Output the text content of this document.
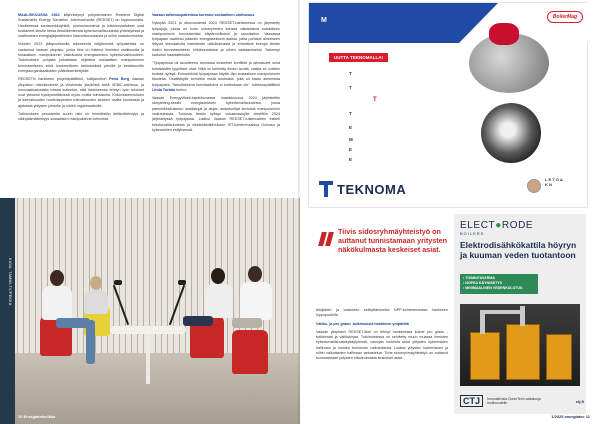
MAALISKUUSSA 2022 käynnistynyt pohjoismainen Resilient Digital Sustainable Energy Transition -tutkimushanke (REDSET) on loppusuoralla. Hankkeessa kantaverkkoyhtiöt, puolustusvoimat ja tutkimuslaitokset ovat tuottaneet sinulle tietoa tietoliikenteestä kyberturvallisuudesta yhteistyössä ja vaatimusten energiajärjestelmien haavoittuvuuksista ja niihin varautumisesta.
Vuoden 2023 jälkipuoliskolla alkaneesta neljännestä työpaketista on vastannut Vaasan yliopisto, jonka tiimi on tutkinut ihmisten osallisuutta ja sosiaalisen manipuloinnin vaikutuksia energiaverkon kyberturvallisuuteen. Tutkimuksen pohjalta julkaistaan ohjeistus sosiaalisen manipuloinnin tunnistamiseen sekä konkreettinen tarkistuslista pienille ja keskisuurille energiaorganisaatioiden päätöksentekijöille.
REDSETin hankkeen projektipäällikkö, tutkijatohtori Petra Berg Vaasan yliopiston markkinoinnin ja viestinnän yksiköstä sekä VEBIC-tutkimus- ja innovaatioalustalta toteaa kuitenkin, että hankkeessa tehdyn työn tulokset ovat yleisesti hyödynnettävissä myös muilla toimialoilla. Kirkonrakennuksen ja tulevaisuuden huoltotarpeiden tulevaisuuden tarpeen osalta koulutusta ja ajatuksia yritysten johdolle ja niiden organisaatioille.
Tutkimuksen perusteella suurin riski on henkilöstön tietämättömyys ja välinpitämättömyys sosiaalisen manipuloinnin keinoista.
Vaasan tutkimuspaketissa korostui sosiaalinen ulottuvuus
Syksyllä 2023 ja alkuvuodesta 2024 REDSET-hankkeessa on järjestetty työpajoja, joissa on tuotu sidosryhmien kanssa ratkaistavia sosiaalisen manipuloinnin tunnistamista käytännöllisesti ja sanoiksikin. Vaasassa työpajaan osallistui pääosin energiasektorin alaisia, jotka pohtivat aiheeseen liittyviä skenaarioita tosielämän näkökulmasta ja ehdottivat keinoja tämän ilmiön tunnistamiseksi, ehkäisemiseksi ja siihen vastaamiseksi. Tarkempi kartoitus haastatteluilla.
"Työpajoissa oli tavoitteena tunnistaa keskeiset konfliktit ja aihealueet sekä toimialaville tyypilliset uhat. Niitä on kehitetty tiedon avulla, vaikka se voisikin tuottaa hyötyä. Esimerkkinä työpajoissa käytiin läpi sosiaalisen manipuloinnin tilanteita. Osallistujille kerrottiin niistä tuloksista, joita oli saatu aiemmista työpajoista. Tarkoituksena korrelaatioina ei kuitenkaan ole", tutkimuspäällikkö Linda Turtola kertoo.
Vaasan EnergyWeek-tapahtumassa maaliskuussa 2024 järjestettiin storytelling-sessio energiasektorin kyberturvallisuudesta, jossa paneelikeskustelun osallistujat ja alojen asiantuntijat kertoivat manipuloinnin vaikutuksista. Tuloksia tämän syksyn virkaanastujille viestittiin 2024 järjestetyssä työpajassa. Lisäksi Vaasan REDSET-tutkimustiimi esitteli tietoturvallisuudesta ja viestintätutkimuksen IST-konferenssissa Oulussa ja kyberuhkien esityksessä.
KUVA: TAMMI-TV/PEKKA
10 Energiatekniikka
M	BoilerMag
UUTTA TEKNOMALLA!
T
T
T
T
E
M
E
E
TEKNOMA
L E T O A
K N
Tiivis sidosryhmäyhteistyö on auttanut tunnistamaan yritysten näkökulmasta keskeiset asiat.
tekijöiden ja vastuiden selkiyttämiseksi NPP-konferenssissa hankkeen loppupuolella.
Väitös- ja pro gradu -tutkimuksia hankkeen ympäriltä
Vaasan yliopiston REDSET-tiimi on tehnyt hankkeessa kolme pro gradu -tutkielmaa ja väitöskirjaa. Tutkimuksissa on selvitetty muun muassa ihmisten kyberturvallisuuskäyttäytymistä, valvojan rooleista sekä yritysten kyberriskien hallinnan ja monien toiminnan vaikutuksista. Lisäksi yritysten kyberriskien ja niihin vaikuttavien hallinnan tarkastelua. Tiivis sidosryhmäyhteistyö on auttanut tunnistamaan yritysten näkökulmasta keskeiset asiat.
ELECT●RODE
BOILERS
Elektrodisähkökattila höyryn ja kuuman veden tuotantoon
• TOIMINTAVARMA
• NOPEA KÄYNNISTYS
• MINIMAALINEN VEDENKULUTUS
CTJ	Innovatiivisia CleanTech-ratkaisuja teollisuudelle	ctj.fi
1/2025 energiatec 11
